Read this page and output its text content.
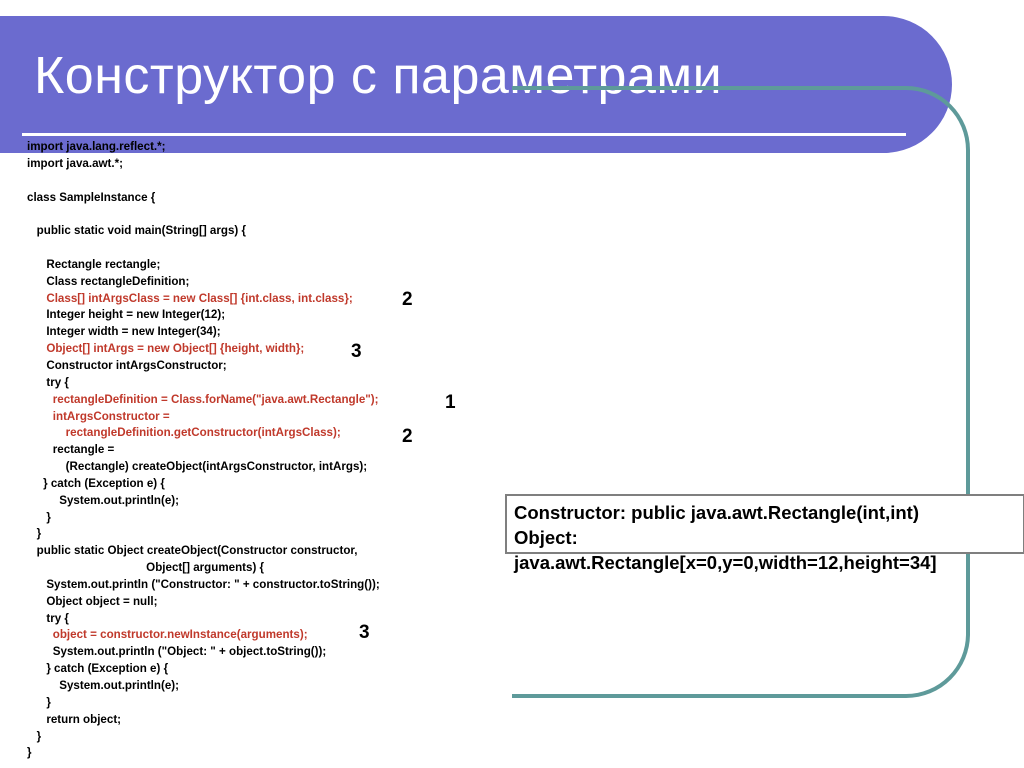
Конструктор с параметрами
import java.lang.reflect.*;
import java.awt.*;
class SampleInstance {
public static void main(String[] args) {
Rectangle rectangle;
Class rectangleDefinition;
Class[] intArgsClass = new Class[] {int.class, int.class};
Integer height = new Integer(12);
Integer width = new Integer(34);
Object[] intArgs = new Object[] {height, width};
Constructor intArgsConstructor;
try {
rectangleDefinition = Class.forName("java.awt.Rectangle");
intArgsConstructor =
rectangleDefinition.getConstructor(intArgsClass);
rectangle =
(Rectangle) createObject(intArgsConstructor, intArgs);
} catch (Exception e) {
System.out.println(e);
}
}
public static Object createObject(Constructor constructor,
Object[] arguments) {
System.out.println ("Constructor: " + constructor.toString());
Object object = null;
try {
object = constructor.newInstance(arguments);
System.out.println ("Object: " + object.toString());
} catch (Exception e) {
System.out.println(e);
}
return object;
}
}
2
3
1
2
3
Constructor: public java.awt.Rectangle(int,int)
Object:
java.awt.Rectangle[x=0,y=0,width=12,height=34]
